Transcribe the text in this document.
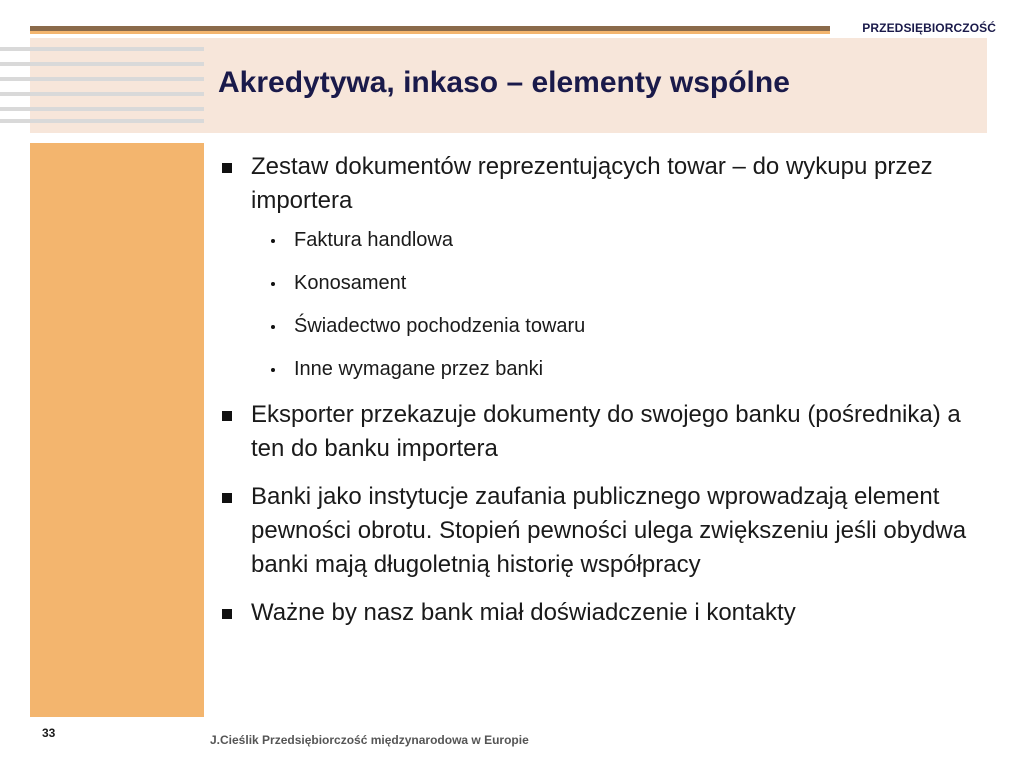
PRZEDSIĘBIORCZOŚĆ
Akredytywa, inkaso – elementy wspólne
Zestaw dokumentów reprezentujących towar – do wykupu przez importera
Faktura handlowa
Konosament
Świadectwo pochodzenia towaru
Inne wymagane przez banki
Eksporter przekazuje dokumenty do swojego banku (pośrednika) a ten do banku importera
Banki jako instytucje zaufania publicznego wprowadzają element pewności obrotu. Stopień pewności ulega zwiększeniu jeśli obydwa banki mają długoletnią historię współpracy
Ważne by nasz bank miał doświadczenie i kontakty
33	J.Cieślik Przedsiębiorczość międzynarodowa w Europie
